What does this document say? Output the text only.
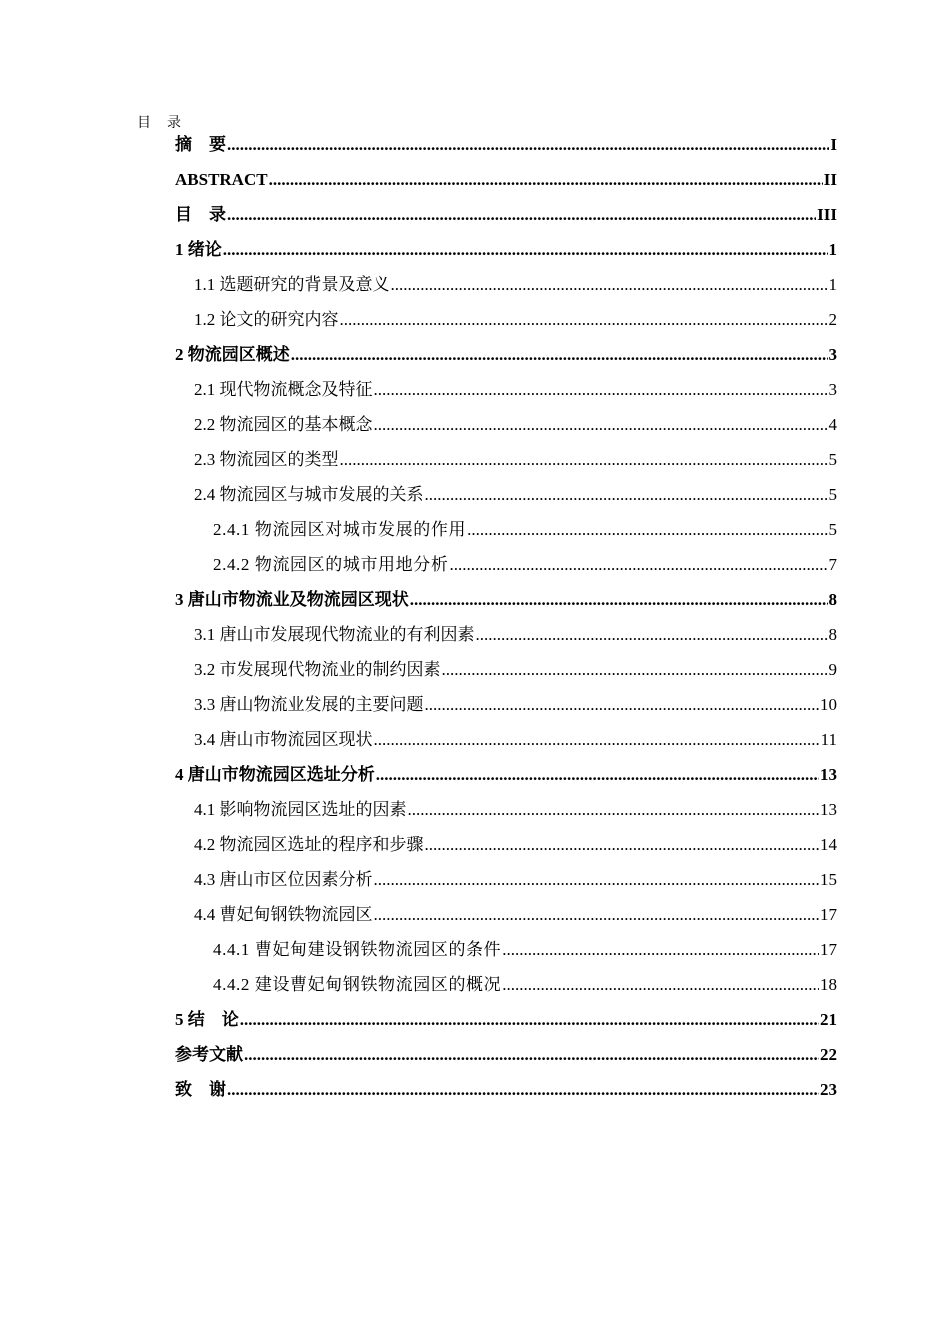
目　录
摘　要 .....	I
ABSTRACT .....	II
目　录 .....	III
1 绪论 .....	1
1.1 选题研究的背景及意义 .....	1
1.2 论文的研究内容 .....	2
2 物流园区概述 .....	3
2.1 现代物流概念及特征 .....	3
2.2 物流园区的基本概念 .....	4
2.3 物流园区的类型 .....	5
2.4 物流园区与城市发展的关系 .....	5
2.4.1 物流园区对城市发展的作用 .....	5
2.4.2 物流园区的城市用地分析 .....	7
3 唐山市物流业及物流园区现状 .....	8
3.1 唐山市发展现代物流业的有利因素 .....	8
3.2 市发展现代物流业的制约因素 .....	9
3.3 唐山物流业发展的主要问题 .....	10
3.4 唐山市物流园区现状 .....	11
4 唐山市物流园区选址分析 .....	13
4.1 影响物流园区选址的因素 .....	13
4.2 物流园区选址的程序和步骤 .....	14
4.3 唐山市区位因素分析 .....	15
4.4 曹妃甸钢铁物流园区 .....	17
4.4.1 曹妃甸建设钢铁物流园区的条件 .....	17
4.4.2 建设曹妃甸钢铁物流园区的概况 .....	18
5 结　论 .....	21
参考文献 .....	22
致　谢 .....	23
